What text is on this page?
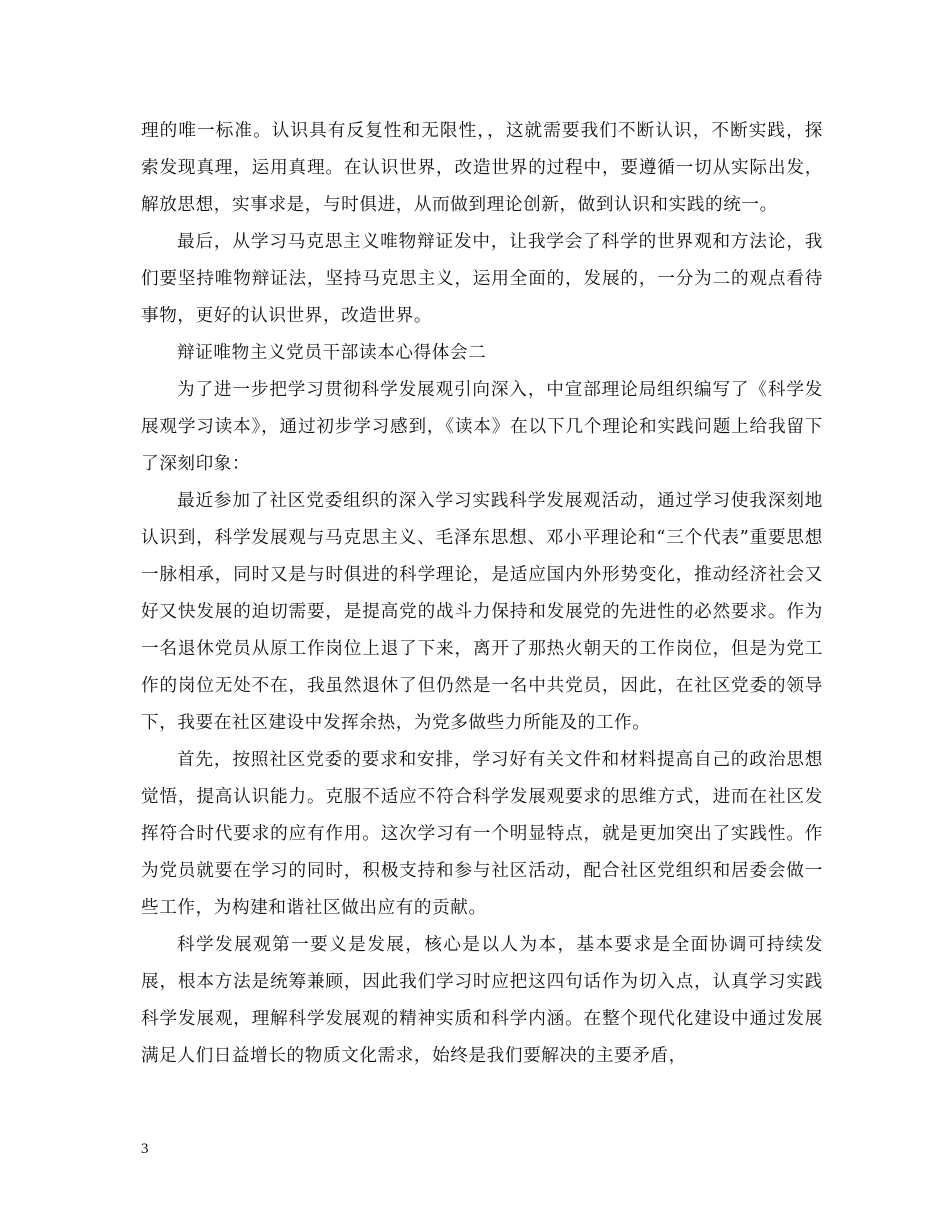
理的唯一标准。认识具有反复性和无限性，，这就需要我们不断认识，不断实践，探索发现真理，运用真理。在认识世界，改造世界的过程中，要遵循一切从实际出发，解放思想，实事求是，与时俱进，从而做到理论创新，做到认识和实践的统一。

最后，从学习马克思主义唯物辩证发中，让我学会了科学的世界观和方法论，我们要坚持唯物辩证法，坚持马克思主义，运用全面的，发展的，一分为二的观点看待事物，更好的认识世界，改造世界。

辩证唯物主义党员干部读本心得体会二

为了进一步把学习贯彻科学发展观引向深入，中宣部理论局组织编写了《科学发展观学习读本》，通过初步学习感到，《读本》在以下几个理论和实践问题上给我留下了深刻印象：

最近参加了社区党委组织的深入学习实践科学发展观活动，通过学习使我深刻地认识到，科学发展观与马克思主义、毛泽东思想、邓小平理论和“三个代表”重要思想一脉相承，同时又是与时俱进的科学理论，是适应国内外形势变化，推动经济社会又好又快发展的迫切需要，是提高党的战斗力保持和发展党的先进性的必然要求。作为一名退休党员从原工作岗位上退了下来，离开了那热火朝天的工作岗位，但是为党工作的岗位无处不在，我虽然退休了但仍然是一名中共党员，因此，在社区党委的领导下，我要在社区建设中发挥余热，为党多做些力所能及的工作。

首先，按照社区党委的要求和安排，学习好有关文件和材料提高自己的政治思想觉悟，提高认识能力。克服不适应不符合科学发展观要求的思维方式，进而在社区发挥符合时代要求的应有作用。这次学习有一个明显特点，就是更加突出了实践性。作为党员就要在学习的同时，积极支持和参与社区活动，配合社区党组织和居委会做一些工作，为构建和谐社区做出应有的贡献。

科学发展观第一要义是发展，核心是以人为本，基本要求是全面协调可持续发展，根本方法是统筹兼顾，因此我们学习时应把这四句话作为切入点，认真学习实践科学发展观，理解科学发展观的精神实质和科学内涵。在整个现代化建设中通过发展满足人们日益增长的物质文化需求，始终是我们要解决的主要矛盾，

3
